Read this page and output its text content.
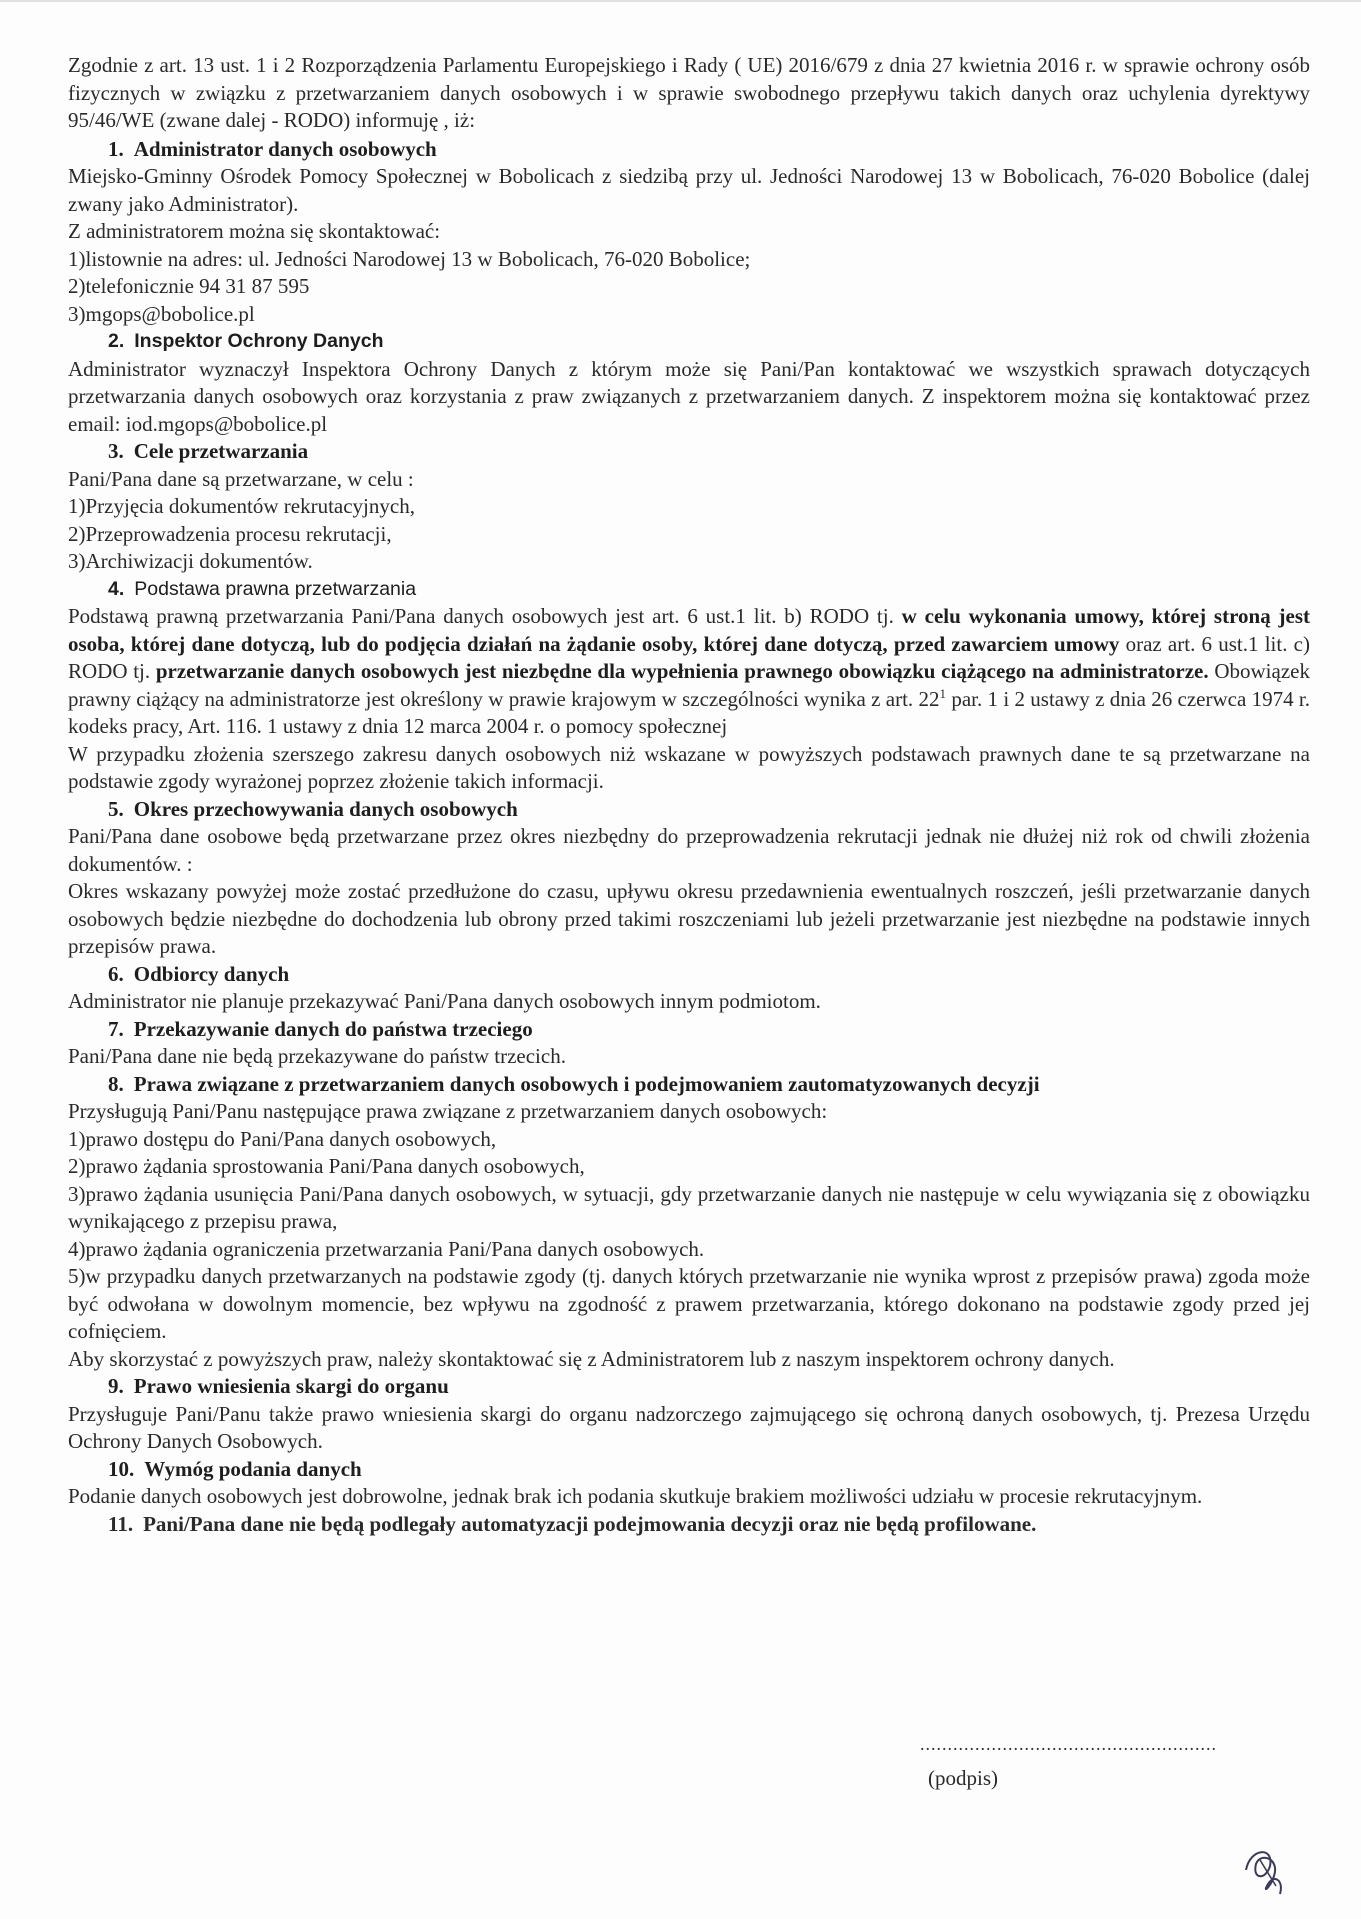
Zgodnie z art. 13 ust. 1 i 2 Rozporządzenia Parlamentu Europejskiego i Rady ( UE) 2016/679 z dnia 27 kwietnia 2016 r. w sprawie ochrony osób fizycznych w związku z przetwarzaniem danych osobowych i w sprawie swobodnego przepływu takich danych oraz uchylenia dyrektywy 95/46/WE (zwane dalej - RODO) informuję , iż:

1. Administrator danych osobowych

Miejsko-Gminny Ośrodek Pomocy Społecznej w Bobolicach z siedzibą przy ul. Jedności Narodowej 13 w Bobolicach, 76-020 Bobolice (dalej zwany jako Administrator).

Z administratorem można się skontaktować:

1)listownie na adres: ul. Jedności Narodowej 13 w Bobolicach, 76-020 Bobolice;

2)telefonicznie 94 31 87 595

3)mgops@bobolice.pl

2. Inspektor Ochrony Danych

Administrator wyznaczył Inspektora Ochrony Danych z którym może się Pani/Pan kontaktować we wszystkich sprawach dotyczących przetwarzania danych osobowych oraz korzystania z praw związanych z przetwarzaniem danych. Z inspektorem można się kontaktować przez email: iod.mgops@bobolice.pl

3. Cele przetwarzania

Pani/Pana dane są przetwarzane, w celu :

1)Przyjęcia dokumentów rekrutacyjnych,

2)Przeprowadzenia procesu rekrutacji,

3)Archiwizacji dokumentów.

4. Podstawa prawna przetwarzania

Podstawą prawną przetwarzania Pani/Pana danych osobowych jest art. 6 ust.1 lit. b) RODO tj. w celu wykonania umowy, której stroną jest osoba, której dane dotyczą, lub do podjęcia działań na żądanie osoby, której dane dotyczą, przed zawarciem umowy oraz art. 6 ust.1 lit. c) RODO tj. przetwarzanie danych osobowych jest niezbędne dla wypełnienia prawnego obowiązku ciążącego na administratorze. Obowiązek prawny ciążący na administratorze jest określony w prawie krajowym w szczególności wynika z art. $22^1$ par. 1 i 2 ustawy z dnia 26 czerwca 1974 r. kodeks pracy, Art. 116. 1 ustawy z dnia 12 marca 2004 r. o pomocy społecznej

W przypadku złożenia szerszego zakresu danych osobowych niż wskazane w powyższych podstawach prawnych dane te są przetwarzane na podstawie zgody wyrażonej poprzez złożenie takich informacji.

5. Okres przechowywania danych osobowych

Pani/Pana dane osobowe będą przetwarzane przez okres niezbędny do przeprowadzenia rekrutacji jednak nie dłużej niż rok od chwili złożenia dokumentów. :

Okres wskazany powyżej może zostać przedłużone do czasu, upływu okresu przedawnienia ewentualnych roszczeń, jeśli przetwarzanie danych osobowych będzie niezbędne do dochodzenia lub obrony przed takimi roszczeniami lub jeżeli przetwarzanie jest niezbędne na podstawie innych przepisów prawa.

6. Odbiorcy danych

Administrator nie planuje przekazywać Pani/Pana danych osobowych innym podmiotom.

7. Przekazywanie danych do państwa trzeciego

Pani/Pana dane nie będą przekazywane do państw trzecich.

8. Prawa związane z przetwarzaniem danych osobowych i podejmowaniem zautomatyzowanych decyzji

Przysługują Pani/Panu następujące prawa związane z przetwarzaniem danych osobowych:

1)prawo dostępu do Pani/Pana danych osobowych,

2)prawo żądania sprostowania Pani/Pana danych osobowych,

3)prawo żądania usunięcia Pani/Pana danych osobowych, w sytuacji, gdy przetwarzanie danych nie następuje w celu wywiązania się z obowiązku wynikającego z przepisu prawa,

4)prawo żądania ograniczenia przetwarzania Pani/Pana danych osobowych.

5)w przypadku danych przetwarzanych na podstawie zgody (tj. danych których przetwarzanie nie wynika wprost z przepisów prawa) zgoda może być odwołana w dowolnym momencie, bez wpływu na zgodność z prawem przetwarzania, którego dokonano na podstawie zgody przed jej cofnięciem.

Aby skorzystać z powyższych praw, należy skontaktować się z Administratorem lub z naszym inspektorem ochrony danych.

9. Prawo wniesienia skargi do organu

Przysługuje Pani/Panu także prawo wniesienia skargi do organu nadzorczego zajmującego się ochroną danych osobowych, tj. Prezesa Urzędu Ochrony Danych Osobowych.

10. Wymóg podania danych

Podanie danych osobowych jest dobrowolne, jednak brak ich podania skutkuje brakiem możliwości udziału w procesie rekrutacyjnym.

11. Pani/Pana dane nie będą podlegały automatyzacji podejmowania decyzji oraz nie będą profilowane.
......................................................
(podpis)
